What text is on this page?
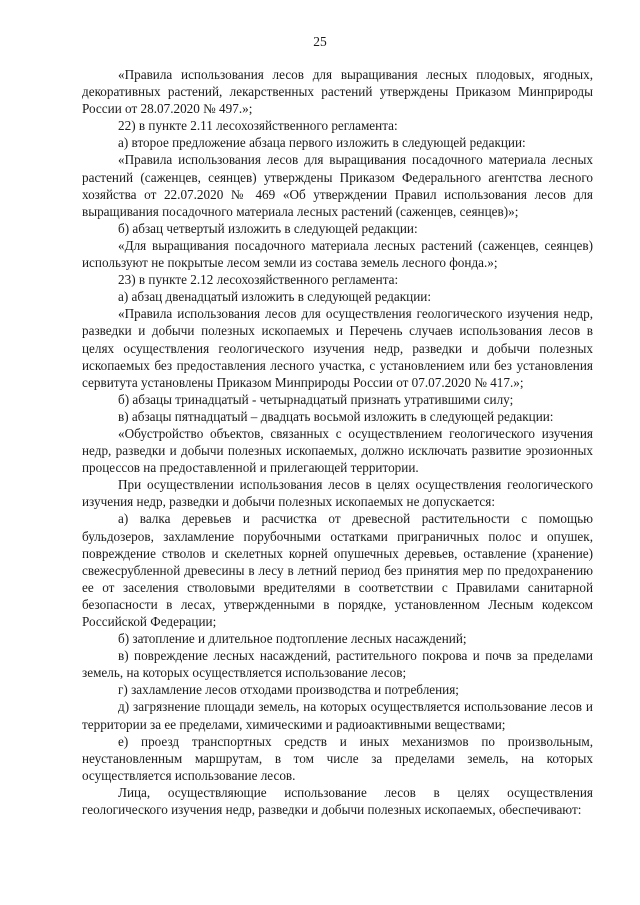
25

«Правила использования лесов для выращивания лесных плодовых, ягодных, декоративных растений, лекарственных растений утверждены Приказом Минприроды России от 28.07.2020 № 497.»;

22) в пункте 2.11 лесохозяйственного регламента:

а) второе предложение абзаца первого изложить в следующей редакции:

«Правила использования лесов для выращивания посадочного материала лесных растений (саженцев, сеянцев) утверждены Приказом Федерального агентства лесного хозяйства от 22.07.2020 № 469 «Об утверждении Правил использования лесов для выращивания посадочного материала лесных растений (саженцев, сеянцев)»;

б) абзац четвертый изложить в следующей редакции:

«Для выращивания посадочного материала лесных растений (саженцев, сеянцев) используют не покрытые лесом земли из состава земель лесного фонда.»;

23) в пункте 2.12 лесохозяйственного регламента:

а) абзац двенадцатый изложить в следующей редакции:

«Правила использования лесов для осуществления геологического изучения недр, разведки и добычи полезных ископаемых и Перечень случаев использования лесов в целях осуществления геологического изучения недр, разведки и добычи полезных ископаемых без предоставления лесного участка, с установлением или без установления сервитута установлены Приказом Минприроды России от 07.07.2020 № 417.»;

б) абзацы тринадцатый - четырнадцатый признать утратившими силу;

в) абзацы пятнадцатый – двадцать восьмой изложить в следующей редакции:

«Обустройство объектов, связанных с осуществлением геологического изучения недр, разведки и добычи полезных ископаемых, должно исключать развитие эрозионных процессов на предоставленной и прилегающей территории.

При осуществлении использования лесов в целях осуществления геологического изучения недр, разведки и добычи полезных ископаемых не допускается:

а) валка деревьев и расчистка от древесной растительности с помощью бульдозеров, захламление порубочными остатками приграничных полос и опушек, повреждение стволов и скелетных корней опушечных деревьев, оставление (хранение) свежесрубленной древесины в лесу в летний период без принятия мер по предохранению ее от заселения стволовыми вредителями в соответствии с Правилами санитарной безопасности в лесах, утвержденными в порядке, установленном Лесным кодексом Российской Федерации;

б) затопление и длительное подтопление лесных насаждений;

в) повреждение лесных насаждений, растительного покрова и почв за пределами земель, на которых осуществляется использование лесов;

г) захламление лесов отходами производства и потребления;

д) загрязнение площади земель, на которых осуществляется использование лесов и территории за ее пределами, химическими и радиоактивными веществами;

е) проезд транспортных средств и иных механизмов по произвольным, неустановленным маршрутам, в том числе за пределами земель, на которых осуществляется использование лесов.

Лица, осуществляющие использование лесов в целях осуществления геологического изучения недр, разведки и добычи полезных ископаемых, обеспечивают:
